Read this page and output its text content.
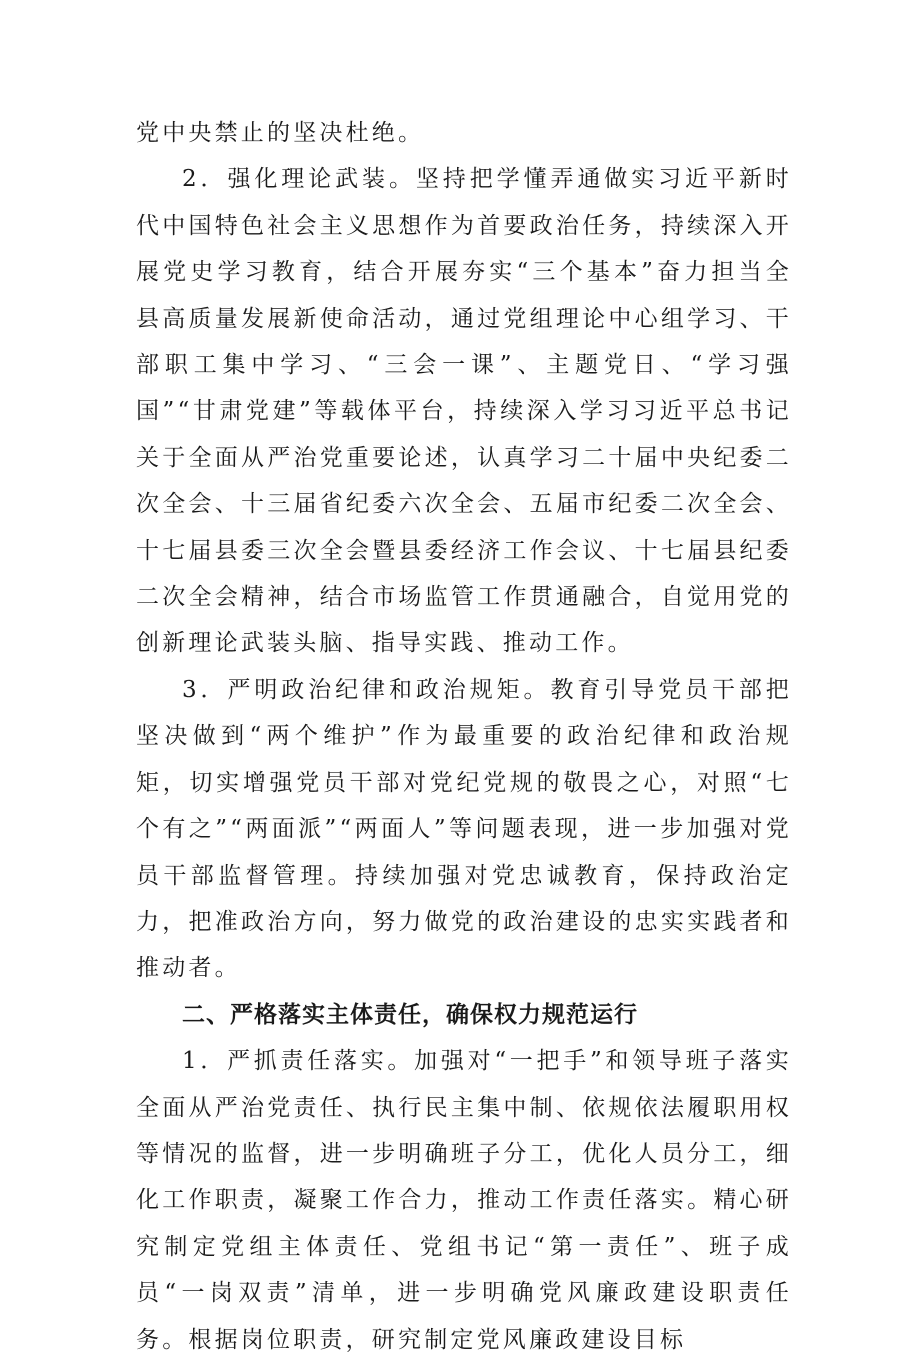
党中央禁止的坚决杜绝。

2．强化理论武装。坚持把学懂弄通做实习近平新时代中国特色社会主义思想作为首要政治任务，持续深入开展党史学习教育，结合开展夯实“三个基本”奋力担当全县高质量发展新使命活动，通过党组理论中心组学习、干部职工集中学习、“三会一课”、主题党日、“学习强国”“甘肃党建”等载体平台，持续深入学习习近平总书记关于全面从严治党重要论述，认真学习二十届中央纪委二次全会、十三届省纪委六次全会、五届市纪委二次全会、十七届县委三次全会暨县委经济工作会议、十七届县纪委二次全会精神，结合市场监管工作贯通融合，自觉用党的创新理论武装头脑、指导实践、推动工作。

3．严明政治纪律和政治规矩。教育引导党员干部把坚决做到“两个维护”作为最重要的政治纪律和政治规矩，切实增强党员干部对党纪党规的敬畏之心，对照“七个有之”“两面派”“两面人”等问题表现，进一步加强对党员干部监督管理。持续加强对党忠诚教育，保持政治定力，把准政治方向，努力做党的政治建设的忠实实践者和推动者。

二、严格落实主体责任，确保权力规范运行

1．严抓责任落实。加强对“一把手”和领导班子落实全面从严治党责任、执行民主集中制、依规依法履职用权等情况的监督，进一步明确班子分工，优化人员分工，细化工作职责，凝聚工作合力，推动工作责任落实。精心研究制定党组主体责任、党组书记“第一责任”、班子成员“一岗双责”清单，进一步明确党风廉政建设职责任务。根据岗位职责，研究制定党风廉政建设目标
